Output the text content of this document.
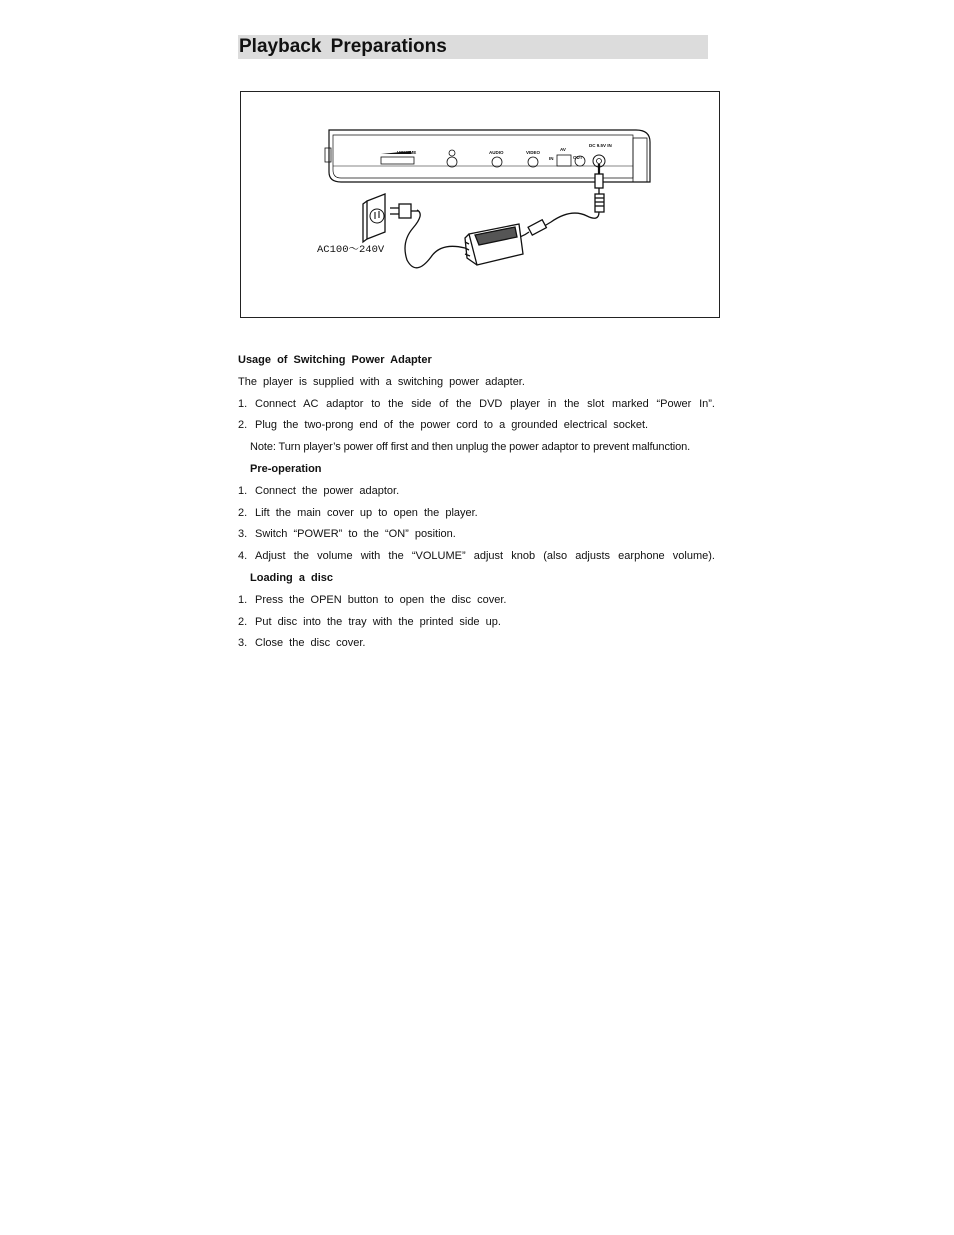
Playback Preparations
VOLUME	AUDIO	VIDEO
AV
IN	OUT
DC 9.5V IN
AC100～240V
Usage of Switching Power Adapter
The player is supplied with a switching power adapter.
1. Connect AC adaptor to the side of the DVD player in the slot marked “Power In”.
2. Plug the two-prong end of the power cord to a grounded electrical socket.
Note: Turn player’s power off first and then unplug the power adaptor to prevent malfunction.
Pre-operation
1. Connect the power adaptor.
2. Lift the main cover up to open the player.
3. Switch “POWER” to the “ON” position.
4. Adjust the volume with the “VOLUME” adjust knob (also adjusts earphone volume).
Loading a disc
1. Press the OPEN button to open the disc cover.
2. Put disc into the tray with the printed side up.
3. Close the disc cover.
